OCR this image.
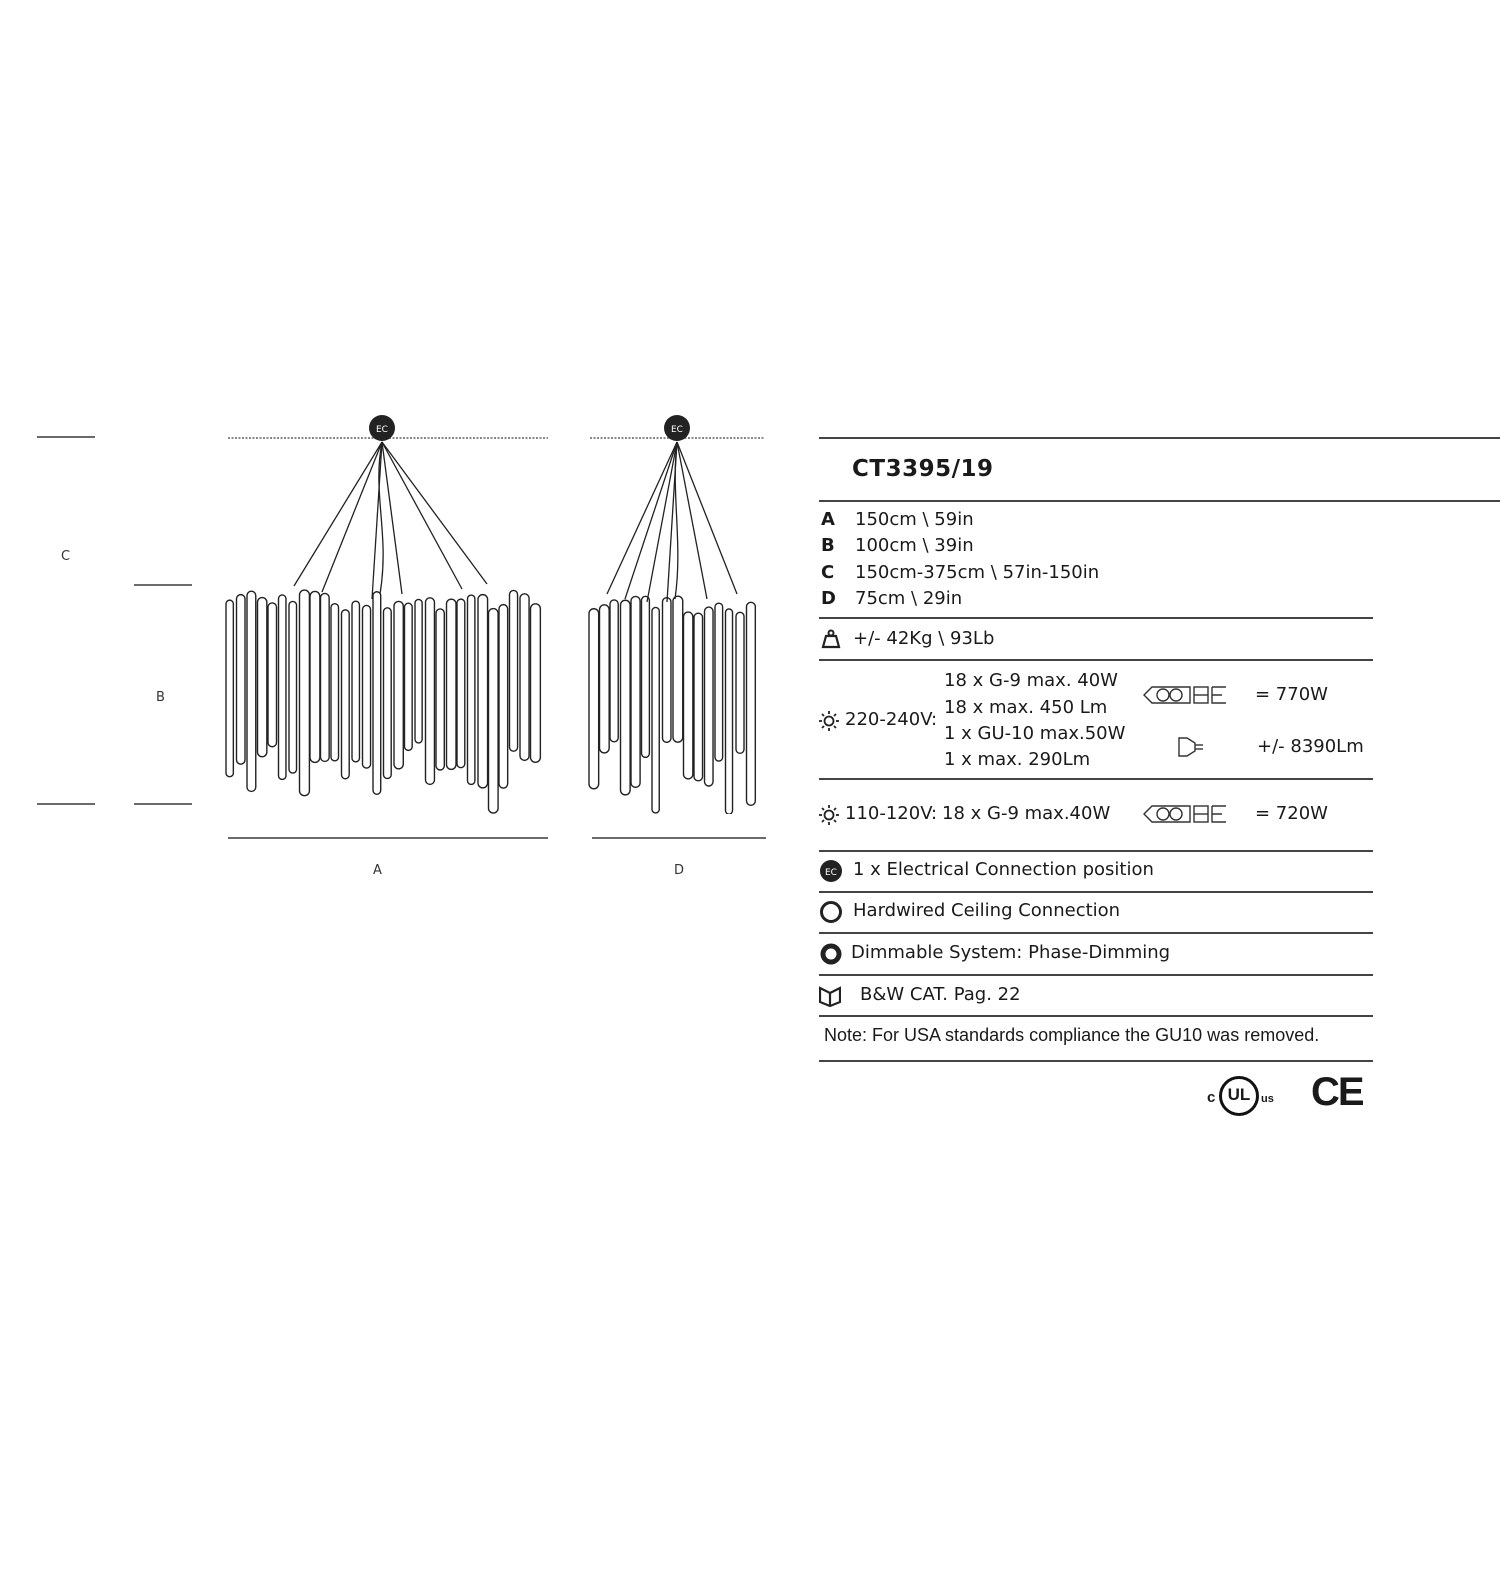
C
B
EC
A
EC
D
CT3395/19
A 150cm \ 59in
B 100cm \ 39in
C 150cm-375cm \ 57in-150in
D 75cm \ 29in
+/- 42Kg \ 93Lb
220-240V:
18 x G-9 max. 40W
18 x max. 450 Lm
1 x GU-10 max.50W
1 x max. 290Lm
= 770W
+/- 8390Lm
110-120V: 18 x G-9 max.40W	= 720W
EC 1 x Electrical Connection position
Hardwired Ceiling Connection
Dimmable System: Phase-Dimming
B&W CAT. Pag. 22
Note: For USA standards compliance the GU10 was removed.
c UL us CE
